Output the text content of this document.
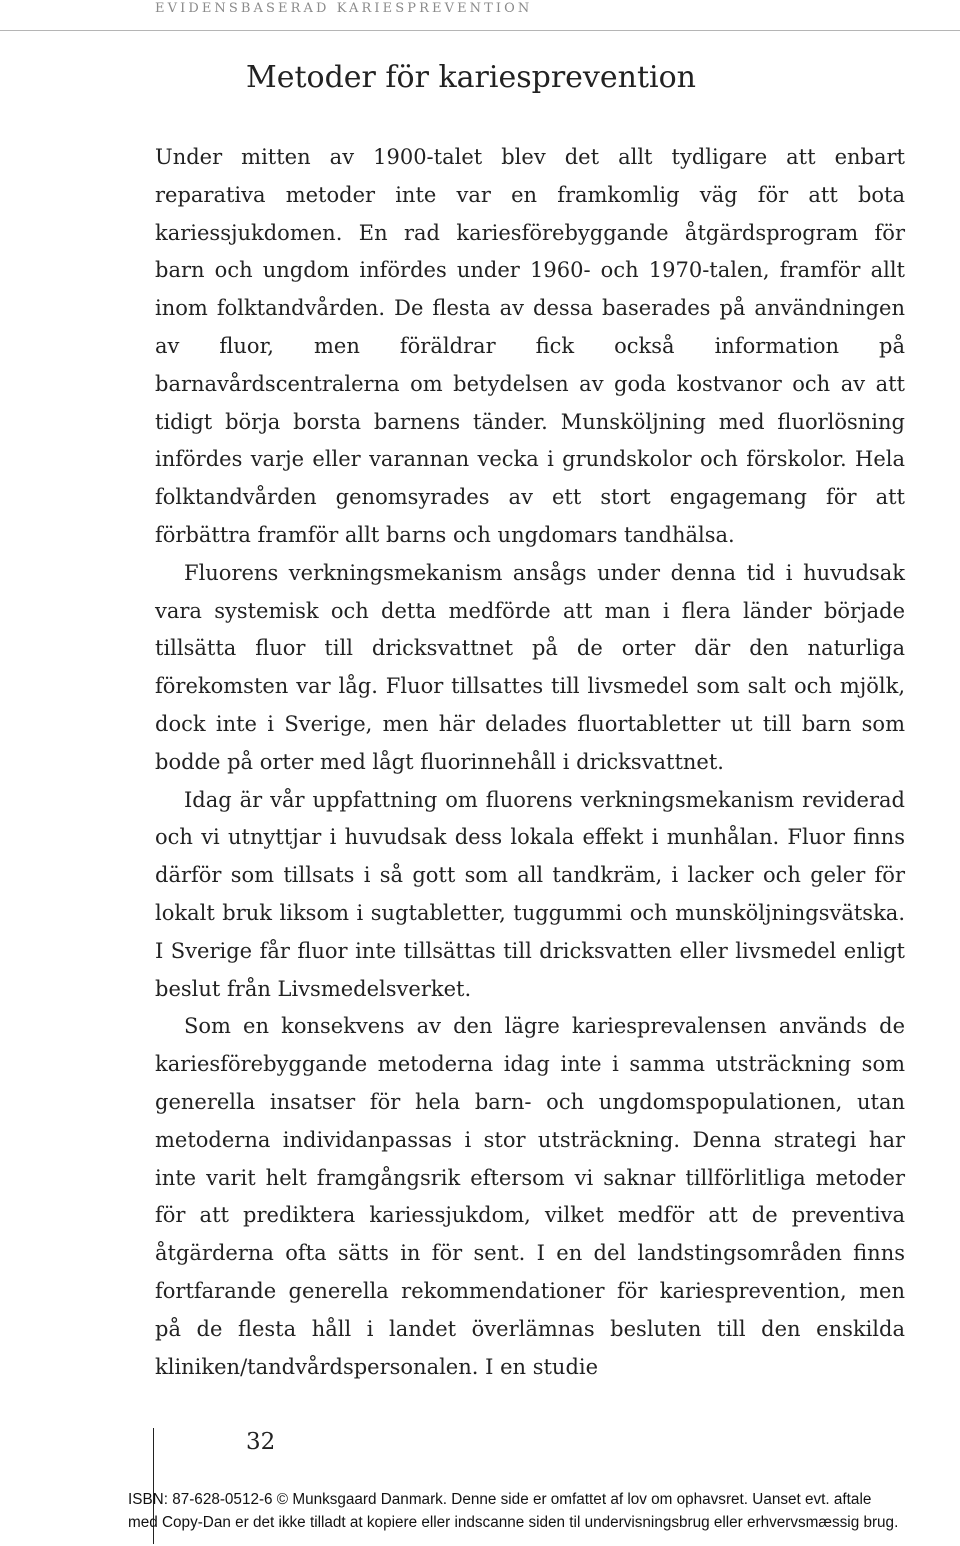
EVIDENSBASERAD KARIESPREVENTION
Metoder för kariesprevention

Under mitten av 1900-talet blev det allt tydligare att enbart reparativa metoder inte var en framkomlig väg för att bota kariessjukdomen. En rad kariesförebyggande åtgärdsprogram för barn och ungdom infördes under 1960- och 1970-talen, framför allt inom folktandvården. De flesta av dessa baserades på användningen av fluor, men föräldrar fick också information på barnavårdscentralerna om betydelsen av goda kostvanor och av att tidigt börja borsta barnens tänder. Munsköljning med fluorlösning infördes varje eller varannan vecka i grundskolor och förskolor. Hela folktandvården genomsyrades av ett stort engagemang för att förbättra framför allt barns och ungdomars tandhälsa.

Fluorens verkningsmekanism ansågs under denna tid i huvudsak vara systemisk och detta medförde att man i flera länder började tillsätta fluor till dricksvattnet på de orter där den naturliga förekomsten var låg. Fluor tillsattes till livsmedel som salt och mjölk, dock inte i Sverige, men här delades fluortabletter ut till barn som bodde på orter med lågt fluorinnehåll i dricksvattnet.

Idag är vår uppfattning om fluorens verkningsmekanism reviderad och vi utnyttjar i huvudsak dess lokala effekt i munhålan. Fluor finns därför som tillsats i så gott som all tandkräm, i lacker och geler för lokalt bruk liksom i sugtabletter, tuggummi och munsköljningsvätska. I Sverige får fluor inte tillsättas till dricksvatten eller livsmedel enligt beslut från Livsmedelsverket.

Som en konsekvens av den lägre kariesprevalensen används de kariesförebyggande metoderna idag inte i samma utsträckning som generella insatser för hela barn- och ungdomspopulationen, utan metoderna individanpassas i stor utsträckning. Denna strategi har inte varit helt framgångsrik eftersom vi saknar tillförlitliga metoder för att prediktera kariessjukdom, vilket medför att de preventiva åtgärderna ofta sätts in för sent. I en del landstingsområden finns fortfarande generella rekommendationer för kariesprevention, men på de flesta håll i landet överlämnas besluten till den enskilda kliniken/tandvårdspersonalen. I en studie

32
ISBN: 87-628-0512-6 © Munksgaard Danmark. Denne side er omfattet af lov om ophavsret. Uanset evt. aftale
med Copy-Dan er det ikke tilladt at kopiere eller indscanne siden til undervisningsbrug eller erhvervsmæssig brug.
